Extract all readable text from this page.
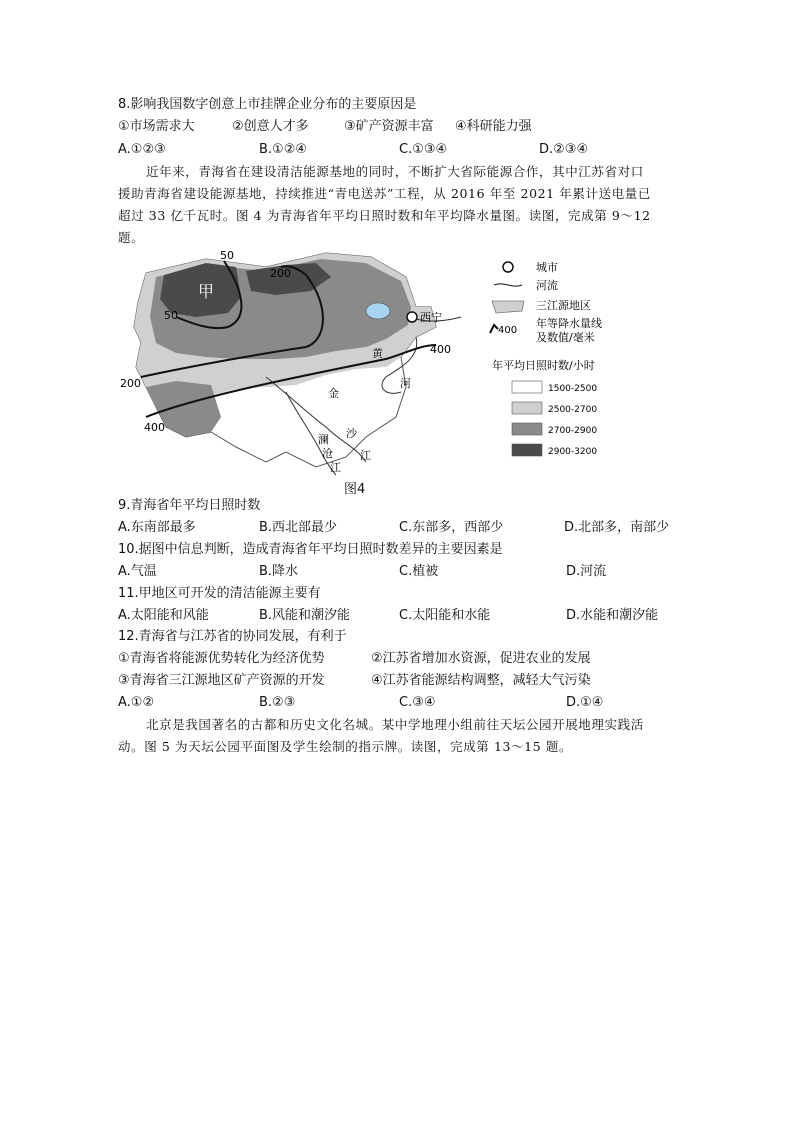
8.影响我国数字创意上市挂牌企业分布的主要原因是
①市场需求大	②创意人才多	③矿产资源丰富 ④科研能力强
A.①②③	B.①②④	C.①③④	D.②③④
近年来，青海省在建设清洁能源基地的同时，不断扩大省际能源合作，其中江苏省对口
援助青海省建设能源基地，持续推进“青电送苏”工程，从 2016 年至 2021 年累计送电量已
超过 33 亿千瓦时。图 4 为青海省年平均日照时数和年平均降水量图。读图，完成第 9～12
题。
甲
西宁
黄
河
金
沙
江
澜
沧
江
50
50
200
200
400
400
城市
河流
三江源地区
400
年等降水量线
及数值/毫米
年平均日照时数/小时
1500-2500
2500-2700
2700-2900
2900-3200
图4
9.青海省年平均日照时数
A.东南部最多	B.西北部最少	C.东部多，西部少	D.北部多，南部少
10.据图中信息判断，造成青海省年平均日照时数差异的主要因素是
A.气温	B.降水	C.植被	D.河流
11.甲地区可开发的清洁能源主要有
A.太阳能和风能	B.风能和潮汐能	C.太阳能和水能	D.水能和潮汐能
12.青海省与江苏省的协同发展，有利于
①青海省将能源优势转化为经济优势	②江苏省增加水资源，促进农业的发展
③青海省三江源地区矿产资源的开发	④江苏省能源结构调整，减轻大气污染
A.①②	B.②③	C.③④	D.①④
北京是我国著名的古都和历史文化名城。某中学地理小组前往天坛公园开展地理实践活
动。图 5 为天坛公园平面图及学生绘制的指示牌。读图，完成第 13～15 题。
